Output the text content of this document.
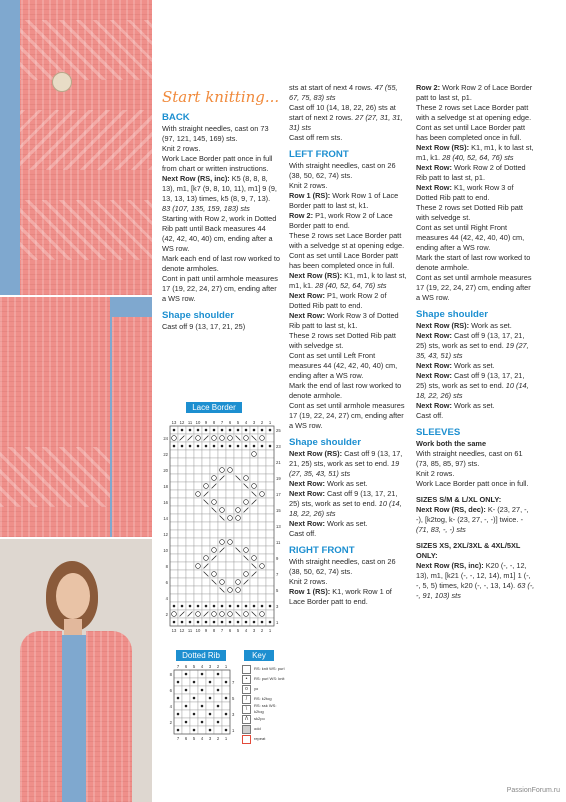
Start knitting...

BACK

With straight needles, cast on 73 (97, 121, 145, 169) sts.

Knit 2 rows.

Work Lace Border patt once in full from chart or written instructions.

Next Row (RS, inc): K5 (8, 8, 8, 13), m1, [k7 (9, 8, 10, 11), m1] 9 (9, 13, 13, 13) times, k5 (8, 9, 7, 13). 83 (107, 135, 159, 183) sts

Starting with Row 2, work in Dotted Rib patt until Back measures 44 (42, 42, 40, 40) cm, ending after a WS row.

Mark each end of last row worked to denote armholes.

Cont in patt until armhole measures 17 (19, 22, 24, 27) cm, ending after a WS row.

Shape shoulder

Cast off 9 (13, 17, 21, 25)

Lace Border
13
13
12
12
11
11
10
10
9
9
8
8
7
7
6
6
5
5
4
4
3
3
2
2
1
1
25
24
23
22
21
20
19
18
17
16
15
14
13
12
11
10
9
8
7
6
5
4
3
2
1
Dotted Rib
7
7
6
6
5
5
4
4
3
3
2
2
1
1
8
7
6
5
4
3
2
1
Key
RS: knit WS: purl
•	RS: purl WS: knit
o	yo
/	RS: k2tog
\	RS: ssk WS: k2tog
Λ	sk2po
odd
repeat

sts at start of next 4 rows. 47 (55, 67, 75, 83) sts

Cast off 10 (14, 18, 22, 26) sts at start of next 2 rows. 27 (27, 31, 31, 31) sts

Cast off rem sts.

LEFT FRONT

With straight needles, cast on 26 (38, 50, 62, 74) sts.

Knit 2 rows.

Row 1 (RS): Work Row 1 of Lace Border patt to last st, k1.

Row 2: P1, work Row 2 of Lace Border patt to end.

These 2 rows set Lace Border patt with a selvedge st at opening edge.

Cont as set until Lace Border patt has been completed once in full.

Next Row (RS): K1, m1, k to last st, m1, k1. 28 (40, 52, 64, 76) sts

Next Row: P1, work Row 2 of Dotted Rib patt to end.

Next Row: Work Row 3 of Dotted Rib patt to last st, k1.

These 2 rows set Dotted Rib patt with selvedge st.

Cont as set until Left Front measures 44 (42, 42, 40, 40) cm, ending after a WS row.

Mark the end of last row worked to denote armhole.

Cont as set until armhole measures 17 (19, 22, 24, 27) cm, ending after a WS row.

Shape shoulder

Next Row (RS): Cast off 9 (13, 17, 21, 25) sts, work as set to end. 19 (27, 35, 43, 51) sts

Next Row: Work as set.

Next Row: Cast off 9 (13, 17, 21, 25) sts, work as set to end. 10 (14, 18, 22, 26) sts

Next Row: Work as set.

Cast off.

RIGHT FRONT

With straight needles, cast on 26 (38, 50, 62, 74) sts.

Knit 2 rows.

Row 1 (RS): K1, work Row 1 of Lace Border patt to end.

Row 2: Work Row 2 of Lace Border patt to last st, p1.

These 2 rows set Lace Border patt with a selvedge st at opening edge.

Cont as set until Lace Border patt has been completed once in full.

Next Row (RS): K1, m1, k to last st, m1, k1. 28 (40, 52, 64, 76) sts

Next Row: Work Row 2 of Dotted Rib patt to last st, p1.

Next Row: K1, work Row 3 of Dotted Rib patt to end.

These 2 rows set Dotted Rib patt with selvedge st.

Cont as set until Right Front measures 44 (42, 42, 40, 40) cm, ending after a WS row.

Mark the start of last row worked to denote armhole.

Cont as set until armhole measures 17 (19, 22, 24, 27) cm, ending after a WS row.

Shape shoulder

Next Row (RS): Work as set.

Next Row: Cast off 9 (13, 17, 21, 25) sts, work as set to end. 19 (27, 35, 43, 51) sts

Next Row: Work as set.

Next Row: Cast off 9 (13, 17, 21, 25) sts, work as set to end. 10 (14, 18, 22, 26) sts

Next Row: Work as set.

Cast off.

SLEEVES

Work both the same

With straight needles, cast on 61 (73, 85, 85, 97) sts.

Knit 2 rows.

Work Lace Border patt once in full.

SIZES S/M & L/XL ONLY:

Next Row (RS, dec): K- (23, 27, -, -), [k2tog, k- (23, 27, -, -)] twice. - (71, 83, -, -) sts

SIZES XS, 2XL/3XL & 4XL/5XL ONLY:

Next Row (RS, inc): K20 (-, -, 12, 13), m1, [k21 (-, -, 12, 14), m1] 1 (-, -, 5, 5) times, k20 (-, -, 13, 14). 63 (-, -, 91, 103) sts

PassionForum.ru
